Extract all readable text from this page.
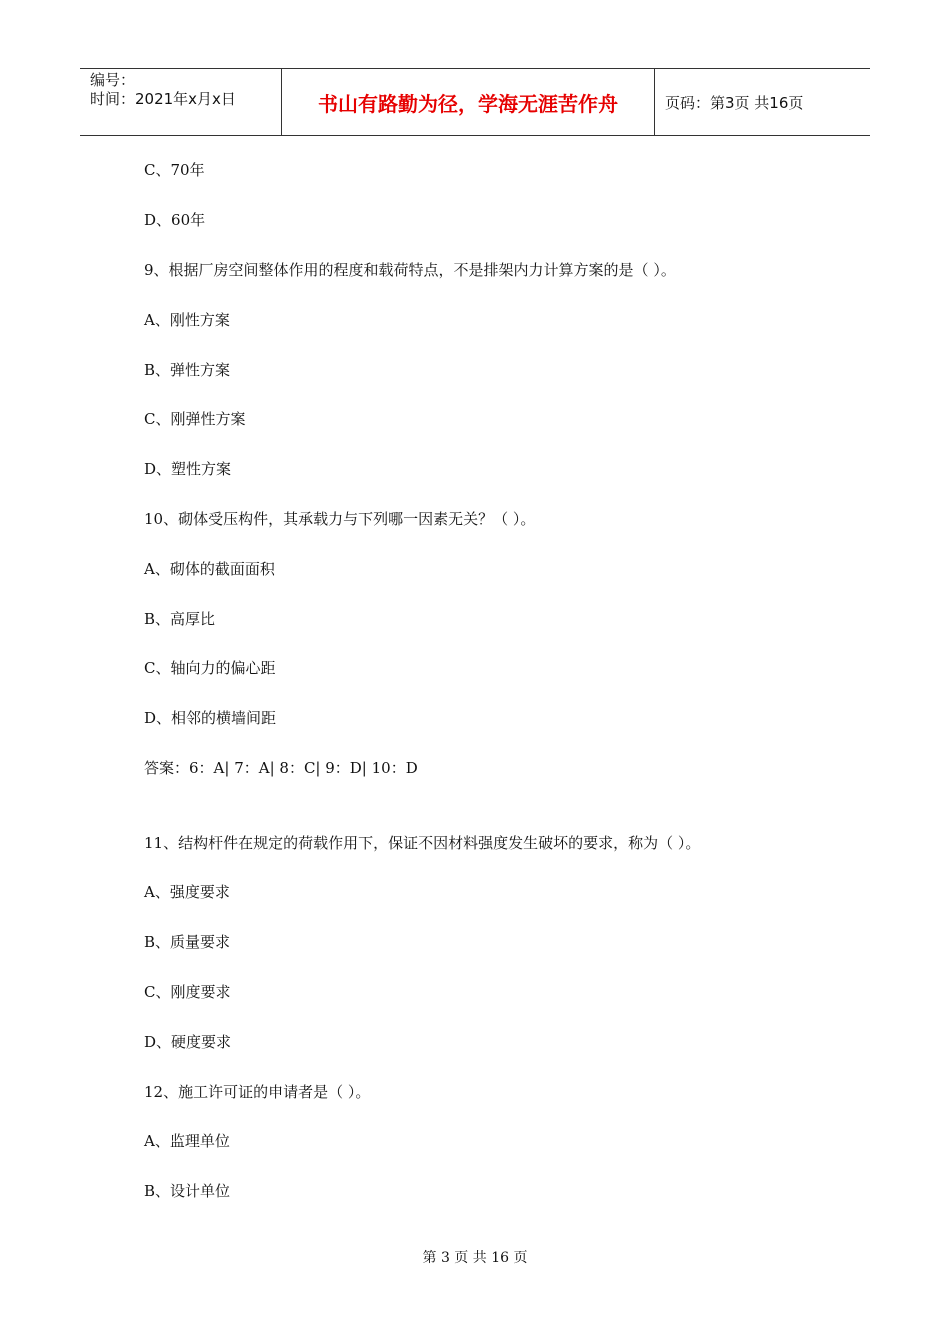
编号：
时间：2021年x月x日	书山有路勤为径，学海无涯苦作舟	页码：第3页 共16页
C、70年
D、60年
9、根据厂房空间整体作用的程度和载荷特点，不是排架内力计算方案的是（ ）。
A、刚性方案
B、弹性方案
C、刚弹性方案
D、塑性方案
10、砌体受压构件，其承载力与下列哪一因素无关？（ ）。
A、砌体的截面面积
B、高厚比
C、轴向力的偏心距
D、相邻的横墙间距
答案：6：A| 7：A| 8：C| 9：D| 10：D
11、结构杆件在规定的荷载作用下，保证不因材料强度发生破坏的要求，称为（ ）。
A、强度要求
B、质量要求
C、刚度要求
D、硬度要求
12、施工许可证的申请者是（ ）。
A、监理单位
B、设计单位
第 3 页 共 16 页
